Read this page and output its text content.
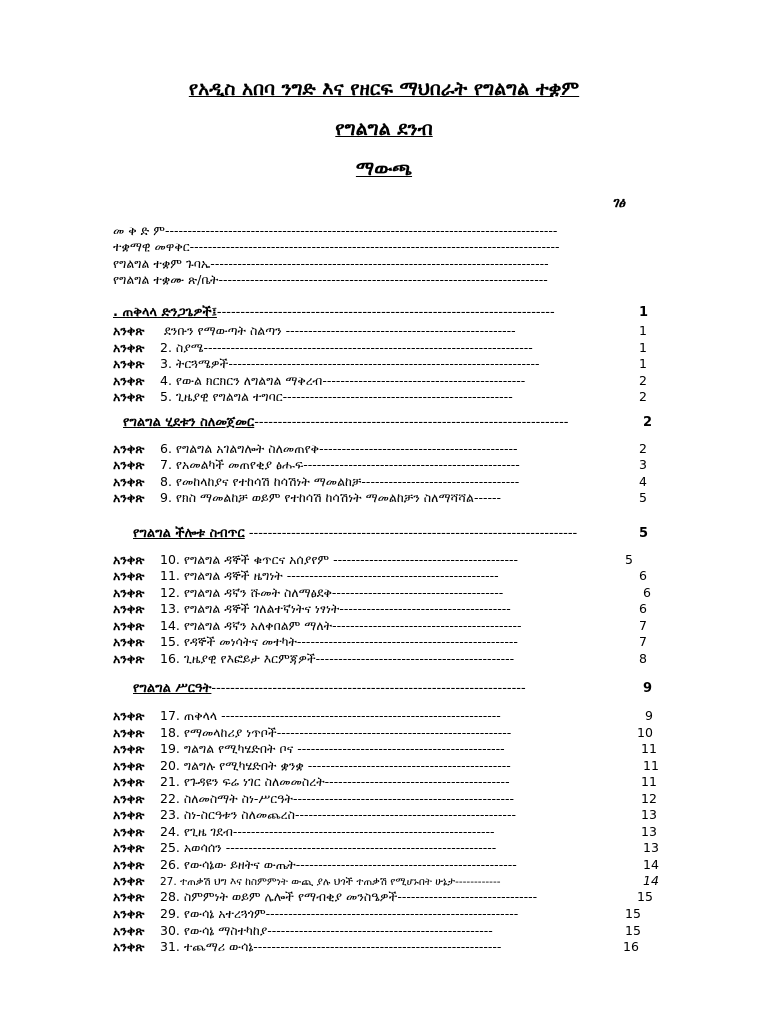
የአዲስ አበባ ንግድ እና የዘርፍ ማህበራት የግልግል ተቋም
የግልግል ደንብ
ማውጫ
ገፅ
መ ቅ ድ ም---------------------------------------------------------------------------------------
ተቋማዊ መዋቅር----------------------------------------------------------------------------------
የግልግል ተቋም ጉባኤ---------------------------------------------------------------------------
የግልግል ተቋሙ ጽ/ቤት-------------------------------------------------------------------------
. ጠቅላላ ድንጋጌዎች፤------------------------------------------------------------------------	1
አንቀጽ ደንቡን የማውጣት ስልጣን ---------------------------------------------------	1
አንቀጽ 2. ስያሜ-------------------------------------------------------------------------	1
አንቀጽ 3. ትርጓሜዎች---------------------------------------------------------------------	1
አንቀጽ 4. የውል ክርክርን ለግልግል ማቅረብ---------------------------------------------	2
አንቀጽ 5. ጊዜያዊ የግልግል ተግባር---------------------------------------------------	2
የግልግል ሂደቱን ስለመጀመር-------------------------------------------------------------------	2
አንቀጽ 6. የግልግል አገልግሎት ስለመጠየቅ--------------------------------------------	2
አንቀጽ 7. የአመልካች መጠየቂያ ፅሑፍ------------------------------------------------	3
አንቀጽ 8. የመከላከያና የተከሳሽ ከሳሽነት ማመልከቻ-----------------------------------	4
አንቀጽ 9. የክስ ማመልከቻ ወይም የተከሳሽ ከሳሽነት ማመልከቻን ስለማሻሻል------	5
የግልግል ችሎቱ ስብጥር ----------------------------------------------------------------------	5
አንቀጽ 10. የግልግል ዳኞች ቁጥርና አሰያየም -----------------------------------------	5
አንቀጽ 11. የግልግል ዳኞች ዜግነት -----------------------------------------------	6
አንቀጽ 12. የግልግል ዳኛን ሹመት ስለማፅደቅ--------------------------------------	6
አንቀጽ 13. የግልግል ዳኞች ገለልተኛነትና ነፃነት--------------------------------------	6
አንቀጽ 14. የግልግል ዳኛን አለቀበልም ማለት------------------------------------------	7
አንቀጽ 15. የዳኞች መነሳትና መተካት-------------------------------------------------	7
አንቀጽ 16. ጊዜያዊ የእፎይታ እርምጃዎች--------------------------------------------	8
የግልግል ሥርዓት-------------------------------------------------------------------	9
አንቀጽ 17. ጠቅላላ --------------------------------------------------------------	9
አንቀጽ 18. የማመላከሪያ ነጥቦች----------------------------------------------------	10
አንቀጽ 19. ግልግል የሚካሄድበት ቦና ----------------------------------------------	11
አንቀጽ 20. ግልግሉ የሚካሄድበት ቋንቋ ---------------------------------------------	11
አንቀጽ 21. የጉዳዩን ፍሬ ነገር ስለመመስረት-----------------------------------------	11
አንቀጽ 22. ስለመስማት ስነ-ሥርዓት-------------------------------------------------	12
አንቀጽ 23. ስነ-ስርዓቱን ስለመጨረስ-------------------------------------------------	13
አንቀጽ 24. የጊዜ ገደብ----------------------------------------------------------	13
አንቀጽ 25. አወሳሰን ------------------------------------------------------------	13
አንቀጽ 26. የውሳኔው ይዘትና ውጤት-------------------------------------------------	14
አንቀጽ 27. ተጠቃሽ ህግ እና ከስምምነት ውጪ ያሉ ህጎች ተጠቃሽ የሚሆኑበት ሁኔታ------------	14
አንቀጽ 28. ስምምነት ወይም ሌሎች የማብቂያ መንስዔዎች-------------------------------	15
አንቀጽ 29. የውሳኔ አተረጓጎም--------------------------------------------------------	15
አንቀጽ 30. የውሳኔ ማስተካከያ--------------------------------------------------	15
አንቀጽ 31. ተጨማሪ ውሳኔ-------------------------------------------------------	16
